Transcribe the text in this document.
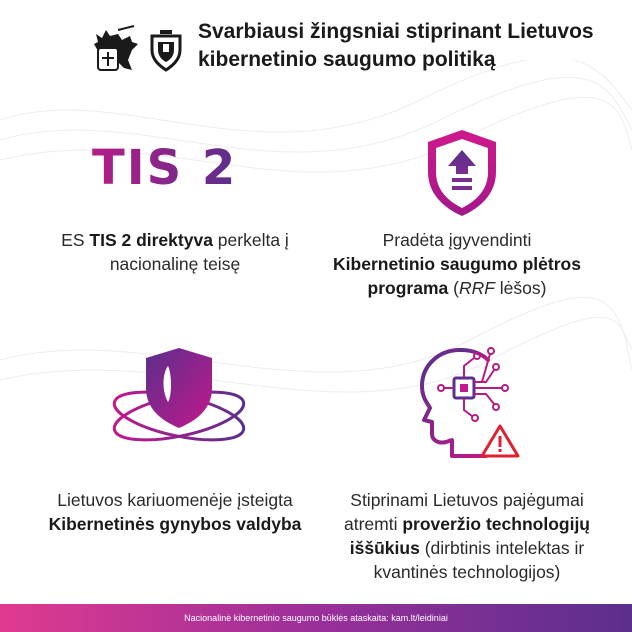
Svarbiausi žingsniai stiprinant Lietuvos
kibernetinio saugumo politiką
TIS 2
ES TIS 2 direktyva perkelta į
nacionalinę teisę
Pradėta įgyvendinti
Kibernetinio saugumo plėtros
programa (RRF lėšos)
Lietuvos kariuomenėje įsteigta
Kibernetinės gynybos valdyba
Stiprinami Lietuvos pajėgumai
atremti proveržio technologijų
iššūkius (dirbtinis intelektas ir
kvantinės technologijos)
Nacionalinė kibernetinio saugumo būklės ataskaita: kam.lt/leidiniai
